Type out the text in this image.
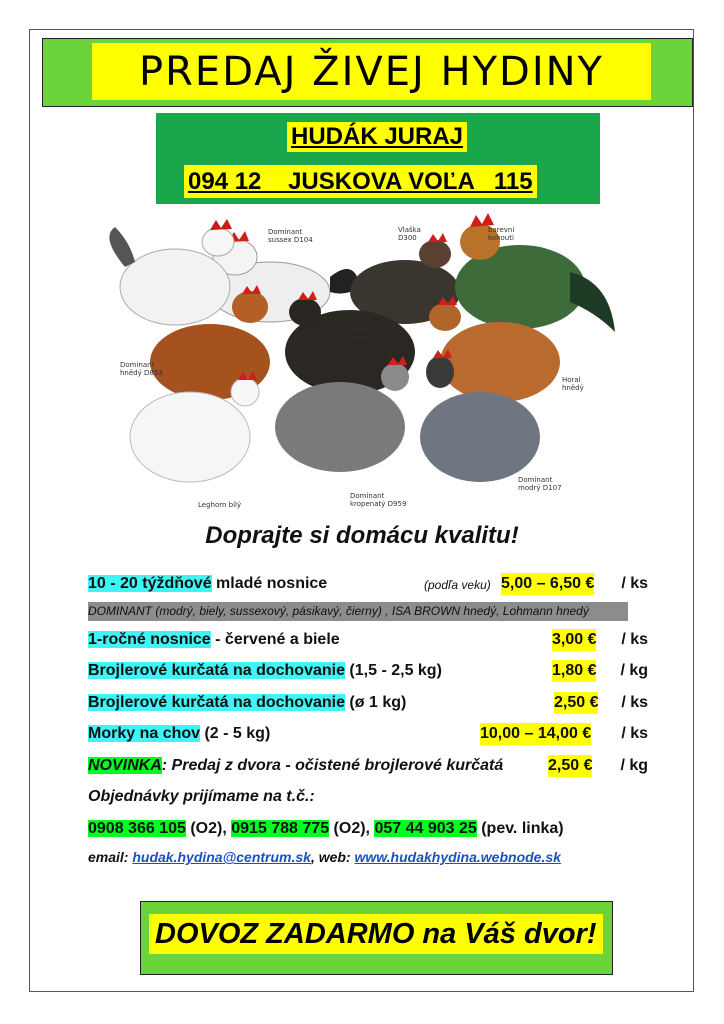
PREDAJ ŽIVEJ HYDINY
HUDÁK JURAJ
094 12    JUSKOVA VOĽA   115
Dominant sussex D104
Vlaška D300
barevní kohouti
Dominant hnědý D853
Horal černý
Horal hnědý
Leghorn bílý
Dominant kropenatý D959
Dominant modrý D107
Doprajte si domácu kvalitu!
10 - 20 týždňové mladé nosnice	(podľa veku) 5,00 – 6,50 € / ks
DOMINANT (modrý, biely, sussexový, pásikavý, čierny) , ISA BROWN hnedý, Lohmann hnedý
1-ročné nosnice - červené a biele	3,00 € / ks
Brojlerové kurčatá na dochovanie (1,5 - 2,5 kg)	1,80 € / kg
Brojlerové kurčatá na dochovanie (ø 1 kg)	2,50 € / ks
Morky na chov (2 - 5 kg)	10,00 – 14,00 € / ks
NOVINKA: Predaj z dvora - očistené brojlerové kurčatá	2,50 € / kg
Objednávky prijímame na t.č.:
0908 366 105 (O2), 0915 788 775 (O2), 057 44 903 25 (pev. linka)
email: hudak.hydina@centrum.sk, web: www.hudakhydina.webnode.sk
DOVOZ ZADARMO na Váš dvor!
